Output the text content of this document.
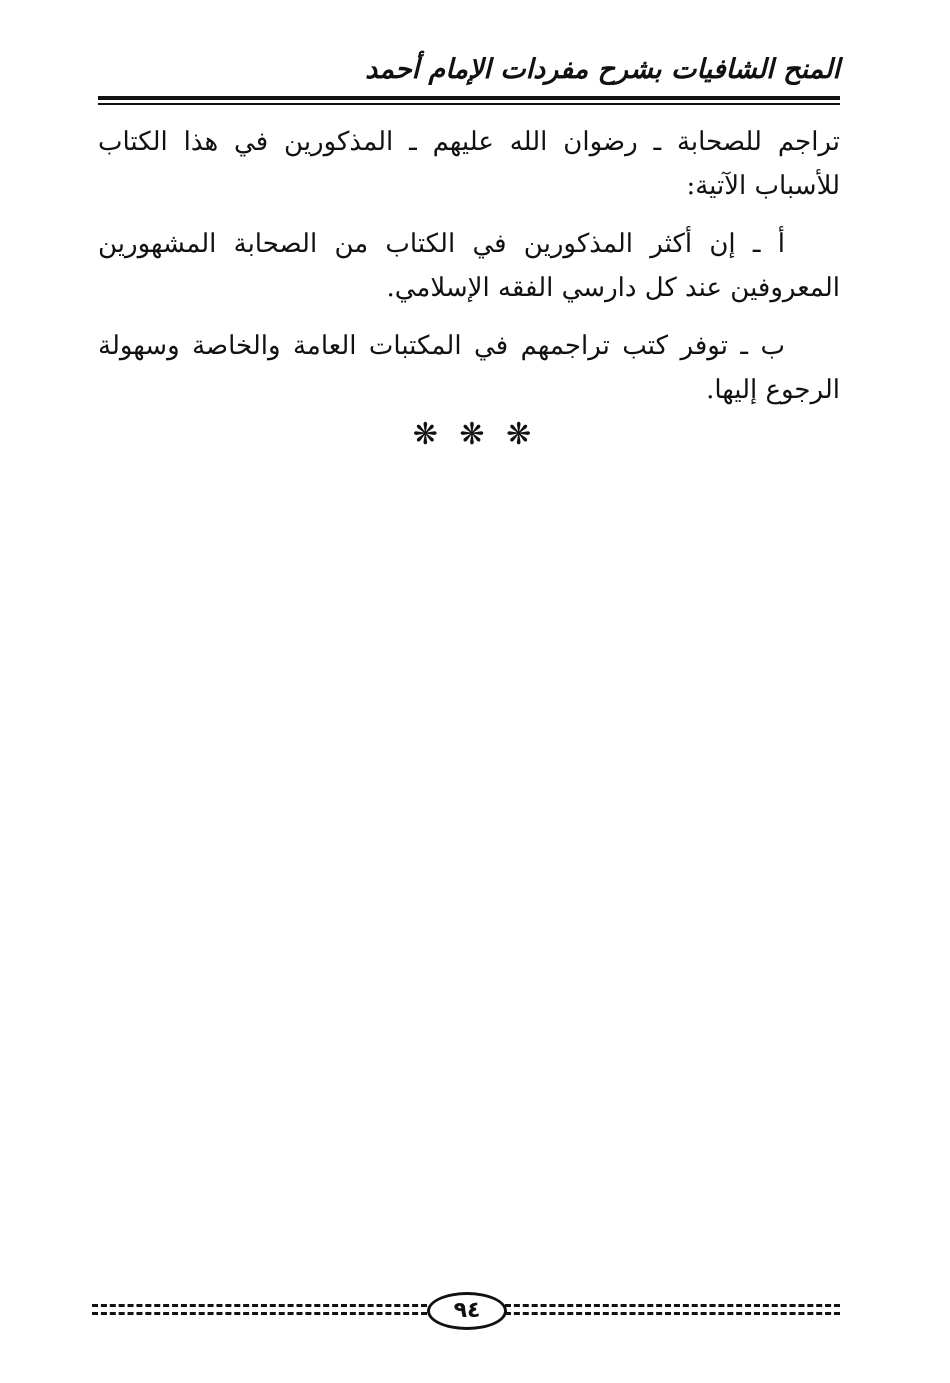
المنح الشافيات بشرح مفردات الإمام أحمد

تراجم للصحابة ـ رضوان الله عليهم ـ المذكورين في هذا الكتاب للأسباب الآتية:

أ ـ إن أكثر المذكورين في الكتاب من الصحابة المشهورين المعروفين عند كل دارسي الفقه الإسلامي.

ب ـ توفر كتب تراجمهم في المكتبات العامة والخاصة وسهولة الرجوع إليها.

❋ ❋ ❋
٩٤
